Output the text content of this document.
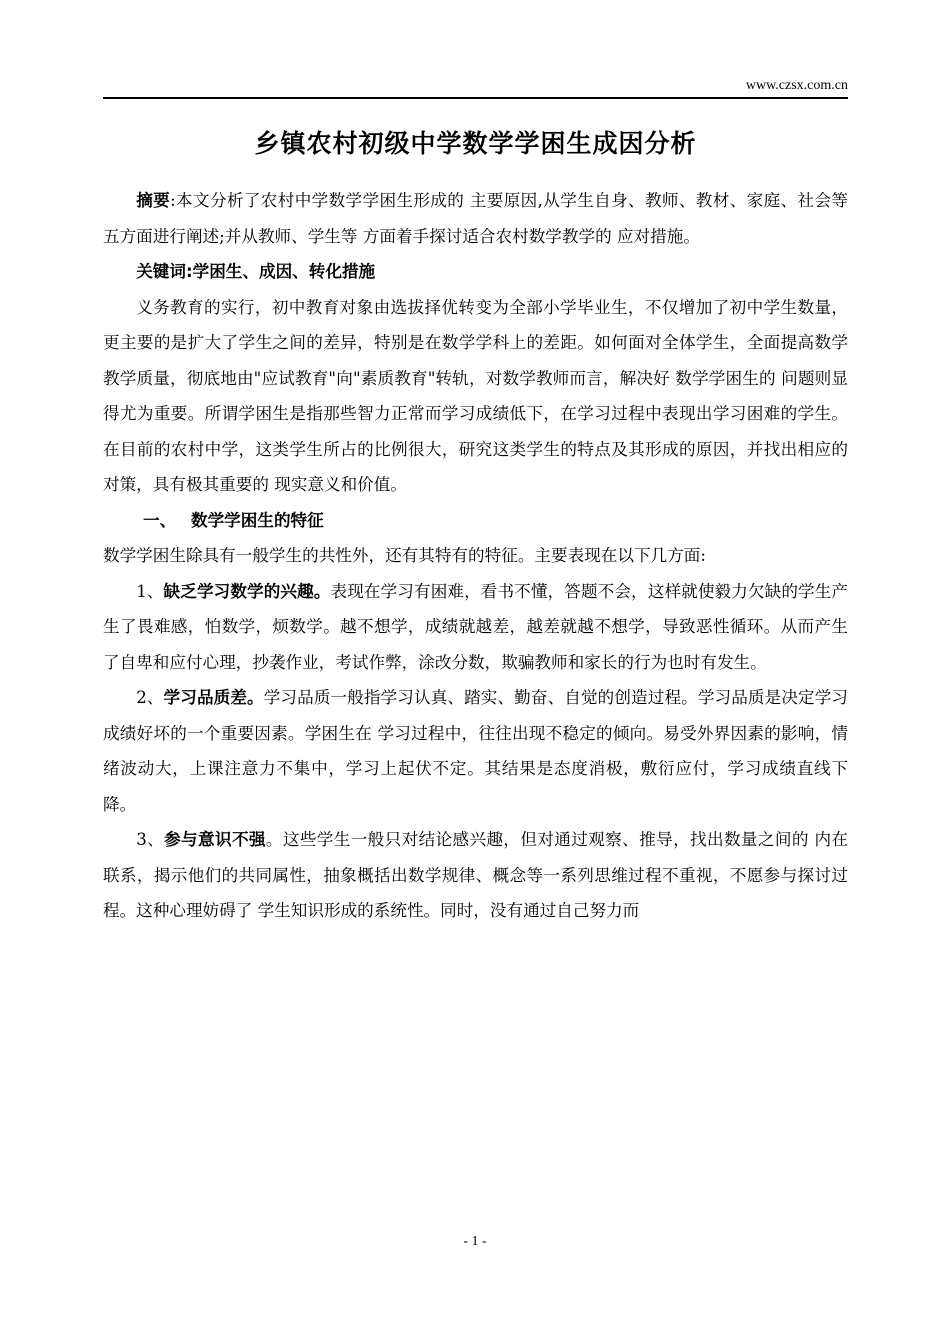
www.czsx.com.cn
乡镇农村初级中学数学学困生成因分析

摘要:本文分析了农村中学数学学困生形成的 主要原因,从学生自身、教师、教材、家庭、社会等五方面进行阐述;并从教师、学生等 方面着手探讨适合农村数学教学的 应对措施。

关键词:学困生、成因、转化措施

义务教育的实行，初中教育对象由选拔择优转变为全部小学毕业生，不仅增加了初中学生数量，更主要的是扩大了学生之间的差异，特别是在数学学科上的差距。如何面对全体学生，全面提高数学教学质量，彻底地由"应试教育"向"素质教育"转轨，对数学教师而言，解决好 数学学困生的 问题则显得尤为重要。所谓学困生是指那些智力正常而学习成绩低下，在学习过程中表现出学习困难的学生。在目前的农村中学，这类学生所占的比例很大，研究这类学生的特点及其形成的原因，并找出相应的 对策，具有极其重要的 现实意义和价值。

一、 数学学困生的特征

数学学困生除具有一般学生的共性外，还有其特有的特征。主要表现在以下几方面:

1、缺乏学习数学的兴趣。表现在学习有困难，看书不懂，答题不会，这样就使毅力欠缺的学生产生了畏难感，怕数学，烦数学。越不想学，成绩就越差，越差就越不想学，导致恶性循环。从而产生了自卑和应付心理，抄袭作业，考试作弊，涂改分数，欺骗教师和家长的行为也时有发生。

2、学习品质差。学习品质一般指学习认真、踏实、勤奋、自觉的创造过程。学习品质是决定学习成绩好坏的一个重要因素。学困生在 学习过程中，往往出现不稳定的倾向。易受外界因素的影响，情绪波动大，上课注意力不集中，学习上起伏不定。其结果是态度消极，敷衍应付，学习成绩直线下降。

3、参与意识不强。这些学生一般只对结论感兴趣，但对通过观察、推导，找出数量之间的 内在联系，揭示他们的共同属性，抽象概括出数学规律、概念等一系列思维过程不重视，不愿参与探讨过程。这种心理妨碍了 学生知识形成的系统性。同时，没有通过自己努力而

- 1 -
